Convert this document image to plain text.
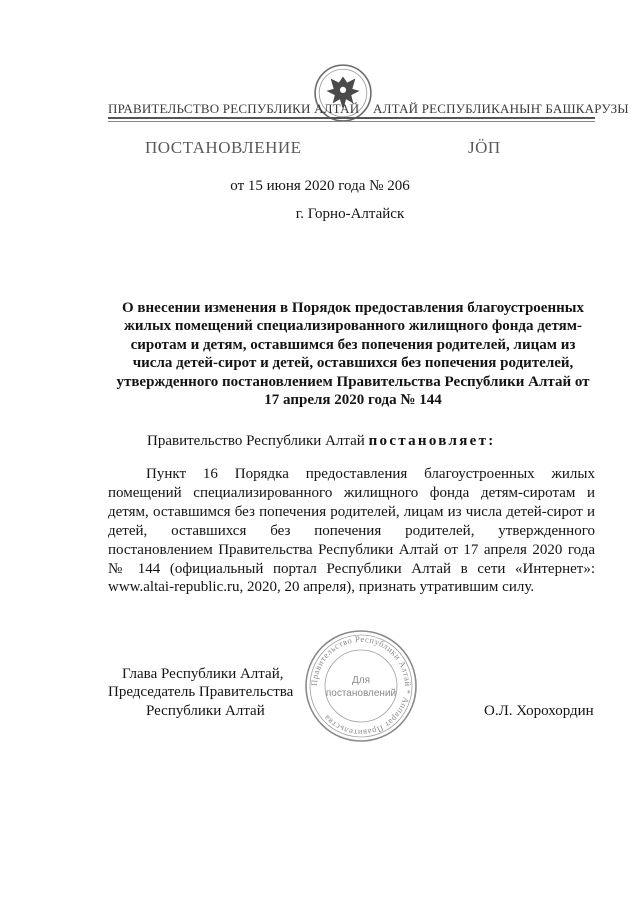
ПРАВИТЕЛЬСТВО РЕСПУБЛИКИ АЛТАЙ АЛТАЙ РЕСПУБЛИКАНЫҤ БАШКАРУЗЫ
ПОСТАНОВЛЕНИЕ	JÖП
от 15 июня 2020 года № 206
г. Горно-Алтайск
О внесении изменения в Порядок предоставления благоустроенных
жилых помещений специализированного жилищного фонда детям-
сиротам и детям, оставшимся без попечения родителей, лицам из
числа детей-сирот и детей, оставшихся без попечения родителей,
утвержденного постановлением Правительства Республики Алтай от
17 апреля 2020 года № 144
Правительство Республики Алтай постановляет:
Пункт 16 Порядка предоставления благоустроенных жилых помещений специализированного жилищного фонда детям-сиротам и детям, оставшимся без попечения родителей, лицам из числа детей-сирот и детей, оставшихся без попечения родителей, утвержденного постановлением Правительства Республики Алтай от 17 апреля 2020 года № 144 (официальный портал Республики Алтай в сети «Интернет»: www.altai-republic.ru, 2020, 20 апреля), признать утратившим силу.
Глава Республики Алтай,
Председатель Правительства
Республики Алтай	О.Л. Хорохордин
Правительство Республики Алтай * Аппарат Правительства
Для
постановлений
